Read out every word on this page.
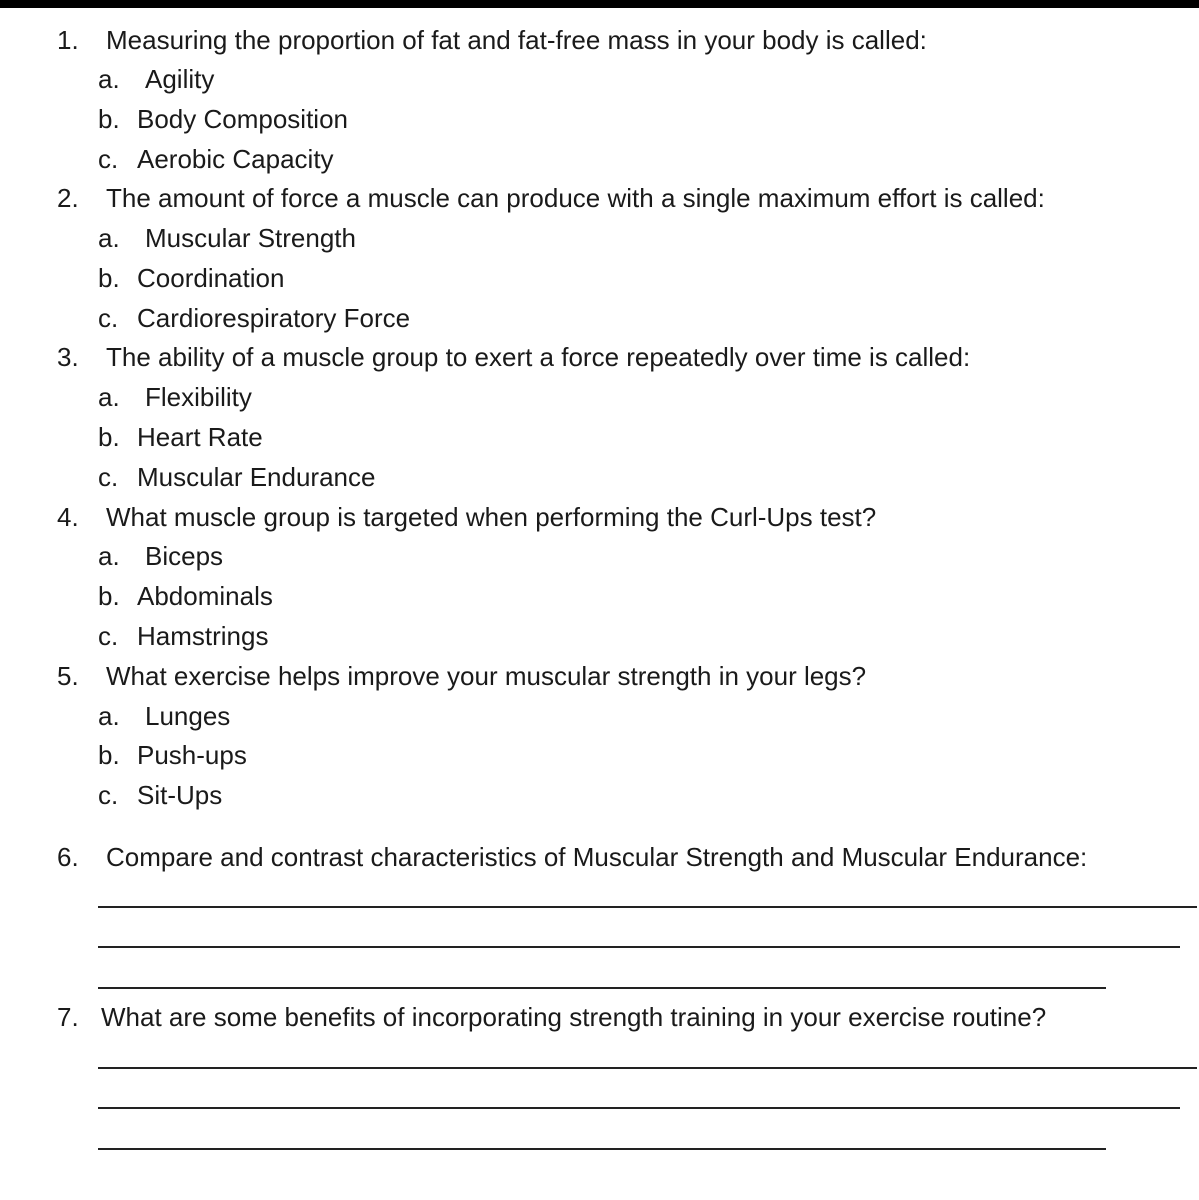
1.	Measuring the proportion of fat and fat-free mass in your body is called:
a. Agility
b. Body Composition
c. Aerobic Capacity
2.	The amount of force a muscle can produce with a single maximum effort is called:
a. Muscular Strength
b. Coordination
c. Cardiorespiratory Force
3.	The ability of a muscle group to exert a force repeatedly over time is called:
a. Flexibility
b. Heart Rate
c. Muscular Endurance
4.	What muscle group is targeted when performing the Curl-Ups test?
a. Biceps
b. Abdominals
c. Hamstrings
5.	What exercise helps improve your muscular strength in your legs?
a. Lunges
b. Push-ups
c. Sit-Ups
6.	Compare and contrast characteristics of Muscular Strength and Muscular Endurance:
7. What are some benefits of incorporating strength training in your exercise routine?
